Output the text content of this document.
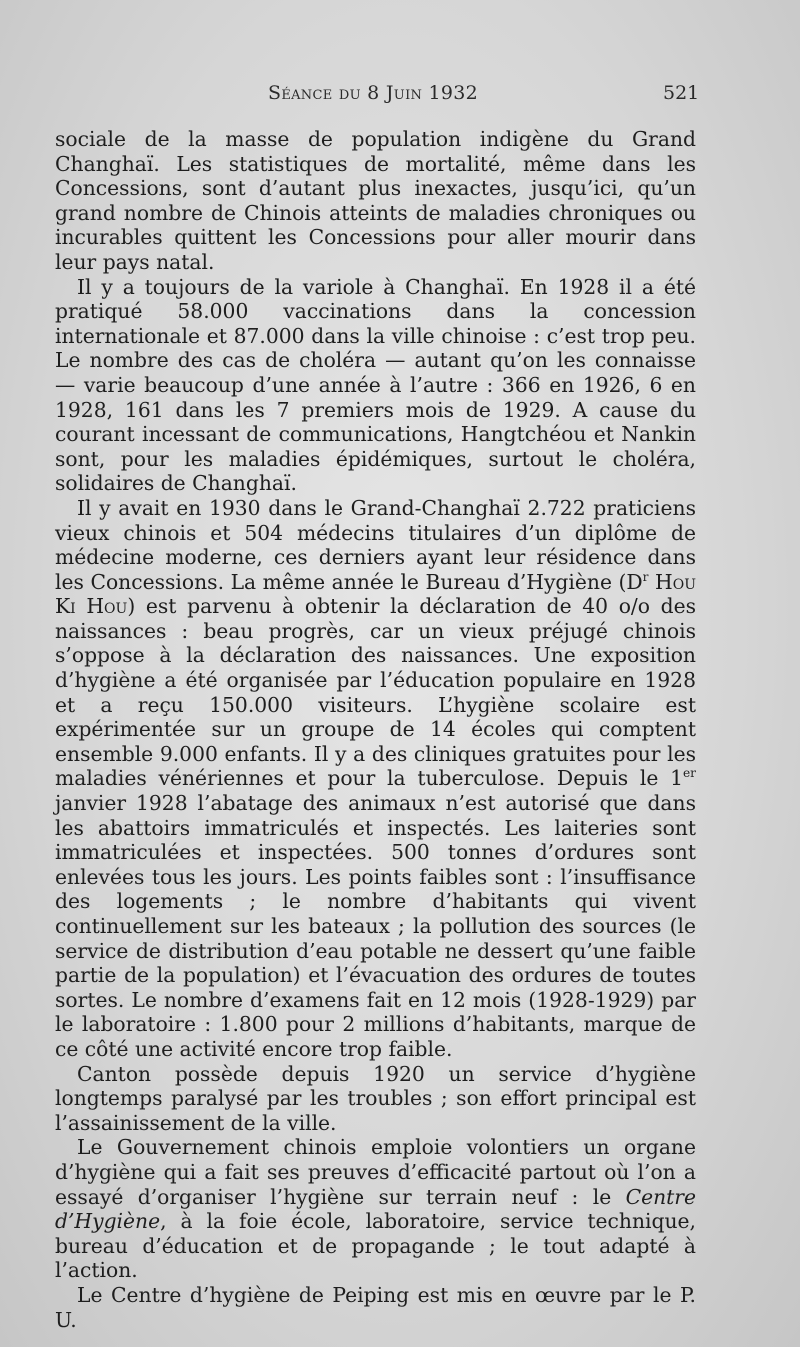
Séance du 8 Juin 1932	521

sociale de la masse de population indigène du Grand Changhaï. Les statistiques de mortalité, même dans les Concessions, sont d’autant plus inexactes, jusqu’ici, qu’un grand nombre de Chinois atteints de maladies chroniques ou incurables quittent les Concessions pour aller mourir dans leur pays natal.

Il y a toujours de la variole à Changhaï. En 1928 il a été pratiqué 58.000 vaccinations dans la concession internationale et 87.000 dans la ville chinoise : c’est trop peu. Le nombre des cas de choléra — autant qu’on les connaisse — varie beaucoup d’une année à l’autre : 366 en 1926, 6 en 1928, 161 dans les 7 premiers mois de 1929. A cause du courant incessant de communications, Hangtchéou et Nankin sont, pour les maladies épidémiques, surtout le choléra, solidaires de Changhaï.

Il y avait en 1930 dans le Grand-Changhaï 2.722 praticiens vieux chinois et 504 médecins titulaires d’un diplôme de médecine moderne, ces derniers ayant leur résidence dans les Concessions. La même année le Bureau d’Hygiène ($D^r$ Hou Ki Hou) est parvenu à obtenir la déclaration de 40 o/o des naissances : beau progrès, car un vieux préjugé chinois s’oppose à la déclaration des naissances. Une exposition d’hygiène a été organisée par l’éducation populaire en 1928 et a reçu 150.000 visiteurs. L’hygiène scolaire est expérimentée sur un groupe de 14 écoles qui comptent ensemble 9.000 enfants. Il y a des cliniques gratuites pour les maladies vénériennes et pour la tuberculose. Depuis le 1er janvier 1928 l’abatage des animaux n’est autorisé que dans les abattoirs immatriculés et inspectés. Les laiteries sont immatriculées et inspectées. 500 tonnes d’ordures sont enlevées tous les jours. Les points faibles sont : l’insuffisance des logements ; le nombre d’habitants qui vivent continuellement sur les bateaux ; la pollution des sources (le service de distribution d’eau potable ne dessert qu’une faible partie de la population) et l’évacuation des ordures de toutes sortes. Le nombre d’examens fait en 12 mois (1928-1929) par le laboratoire : 1.800 pour 2 millions d’habitants, marque de ce côté une activité encore trop faible.

Canton possède depuis 1920 un service d’hygiène longtemps paralysé par les troubles ; son effort principal est l’assainissement de la ville.

Le Gouvernement chinois emploie volontiers un organe d’hygiène qui a fait ses preuves d’efficacité partout où l’on a essayé d’organiser l’hygiène sur terrain neuf : le Centre d’Hygiène, à la foie école, laboratoire, service technique, bureau d’éducation et de propagande ; le tout adapté à l’action.

Le Centre d’hygiène de Peiping est mis en œuvre par le P. U.
